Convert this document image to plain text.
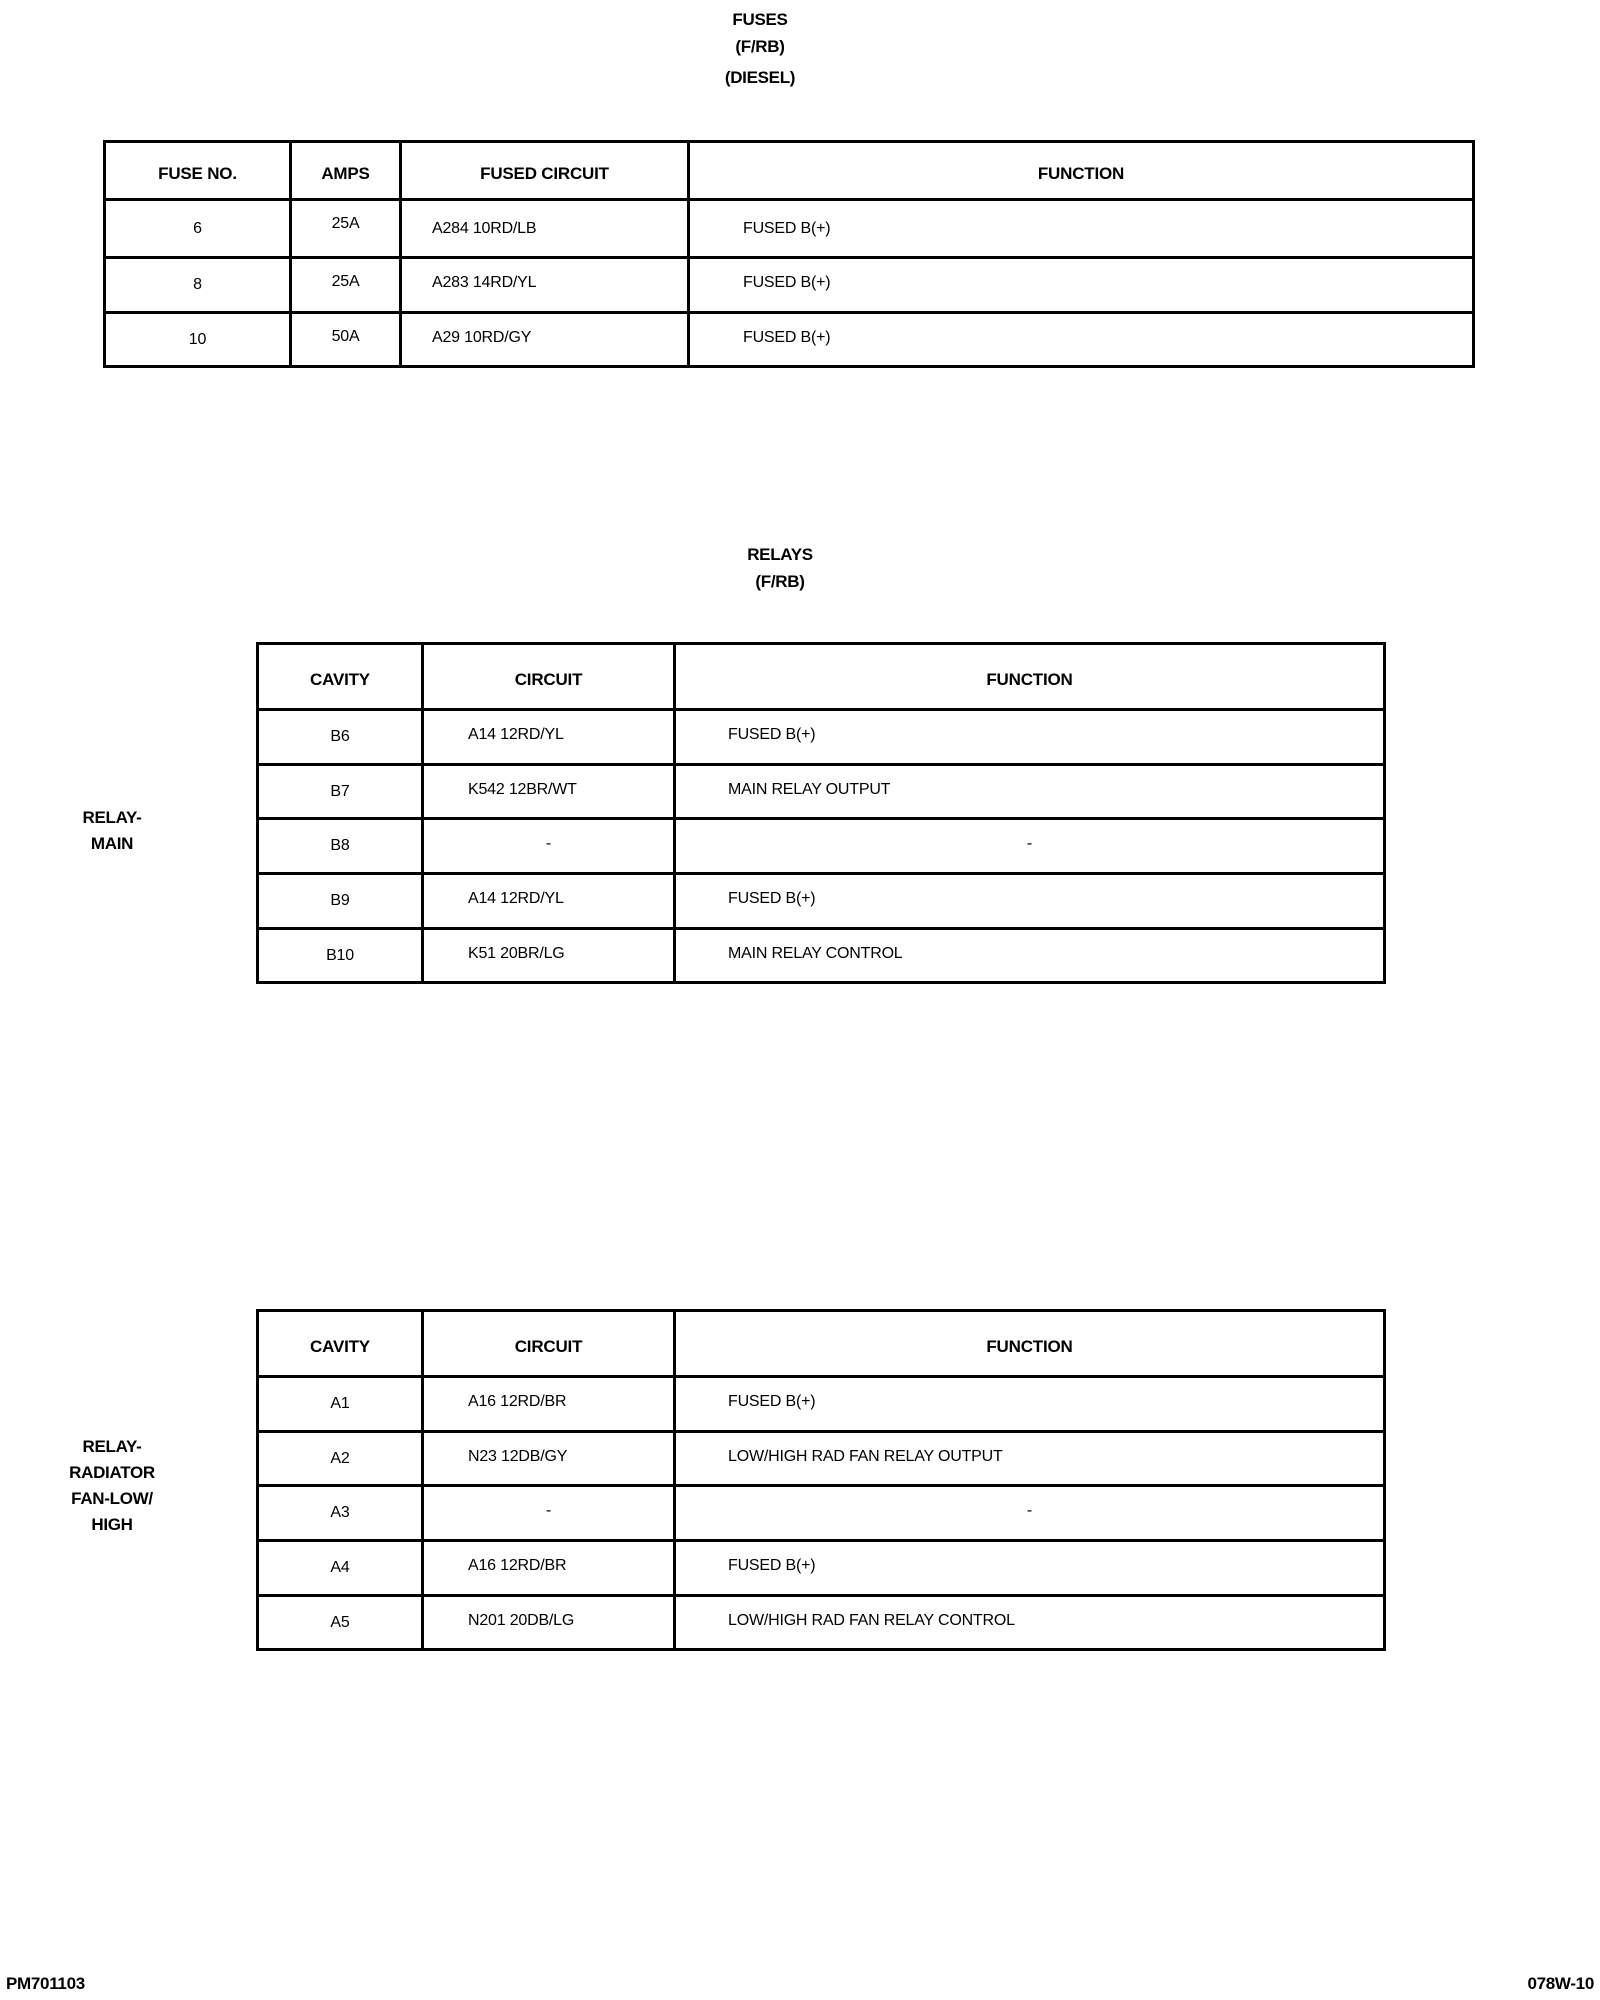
FUSES
(F/RB)
(DIESEL)
FUSE NO.	AMPS	FUSED CIRCUIT	FUNCTION
6	25A	A284 10RD/LB	FUSED B(+)
8	25A	A283 14RD/YL	FUSED B(+)
10	50A	A29 10RD/GY	FUSED B(+)
RELAYS
(F/RB)
RELAY-
MAIN
CAVITY	CIRCUIT	FUNCTION
B6	A14 12RD/YL	FUSED B(+)
B7	K542 12BR/WT	MAIN RELAY OUTPUT
B8	-	-
B9	A14 12RD/YL	FUSED B(+)
B10	K51 20BR/LG	MAIN RELAY CONTROL
RELAY-
RADIATOR
FAN-LOW/
HIGH
CAVITY	CIRCUIT	FUNCTION
A1	A16 12RD/BR	FUSED B(+)
A2	N23 12DB/GY	LOW/HIGH RAD FAN RELAY OUTPUT
A3	-	-
A4	A16 12RD/BR	FUSED B(+)
A5	N201 20DB/LG	LOW/HIGH RAD FAN RELAY CONTROL
PM701103	078W-10
